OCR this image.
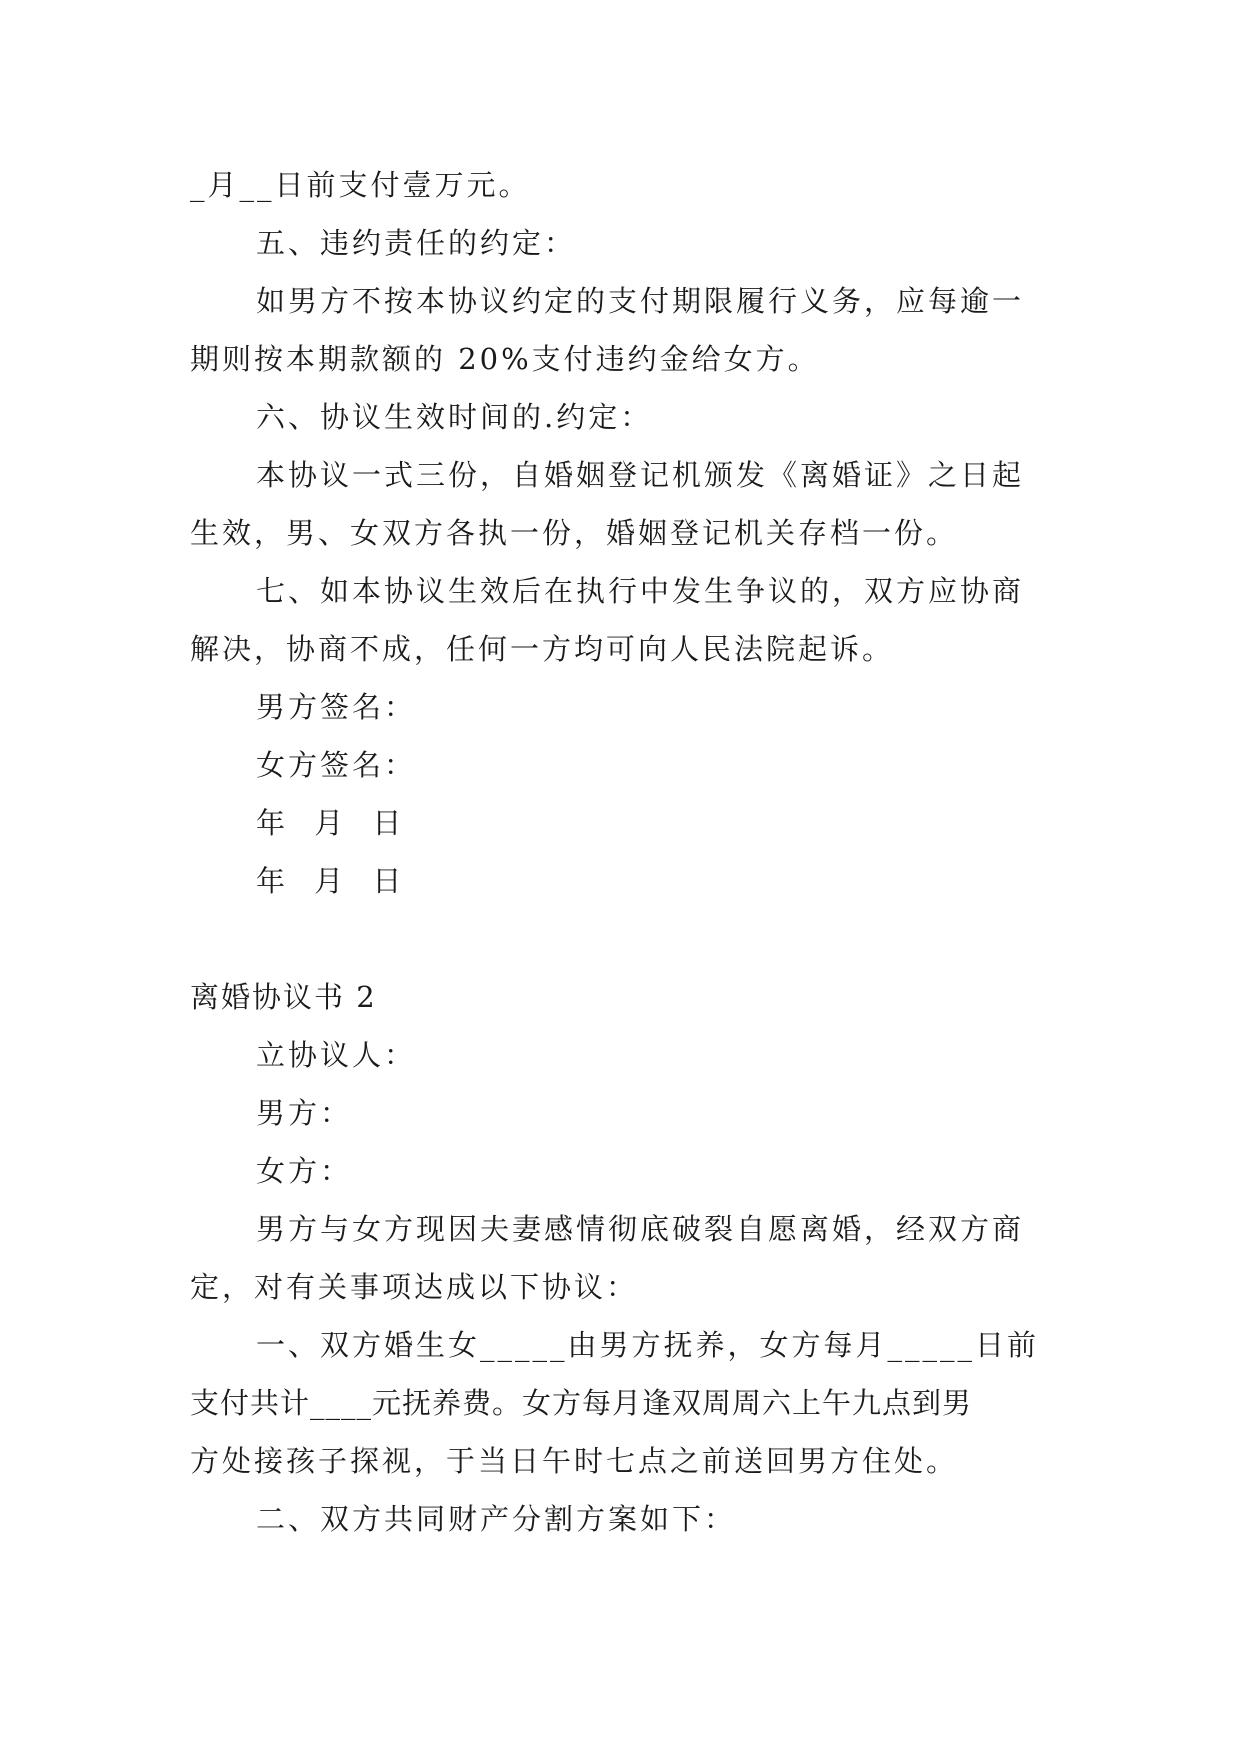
_月__日前支付壹万元。
五、违约责任的约定：
如男方不按本协议约定的支付期限履行义务，应每逾一
期则按本期款额的 20%支付违约金给女方。
六、协议生效时间的.约定：
本协议一式三份，自婚姻登记机颁发《离婚证》之日起
生效，男、女双方各执一份，婚姻登记机关存档一份。
七、如本协议生效后在执行中发生争议的，双方应协商
解决，协商不成，任何一方均可向人民法院起诉。
男方签名：
女方签名：
年 月 日
年 月 日
离婚协议书 2
立协议人：
男方：
女方：
男方与女方现因夫妻感情彻底破裂自愿离婚，经双方商
定，对有关事项达成以下协议：
一、双方婚生女_____由男方抚养，女方每月_____日前
支付共计____元抚养费。女方每月逢双周周六上午九点到男
方处接孩子探视，于当日午时七点之前送回男方住处。
二、双方共同财产分割方案如下：
